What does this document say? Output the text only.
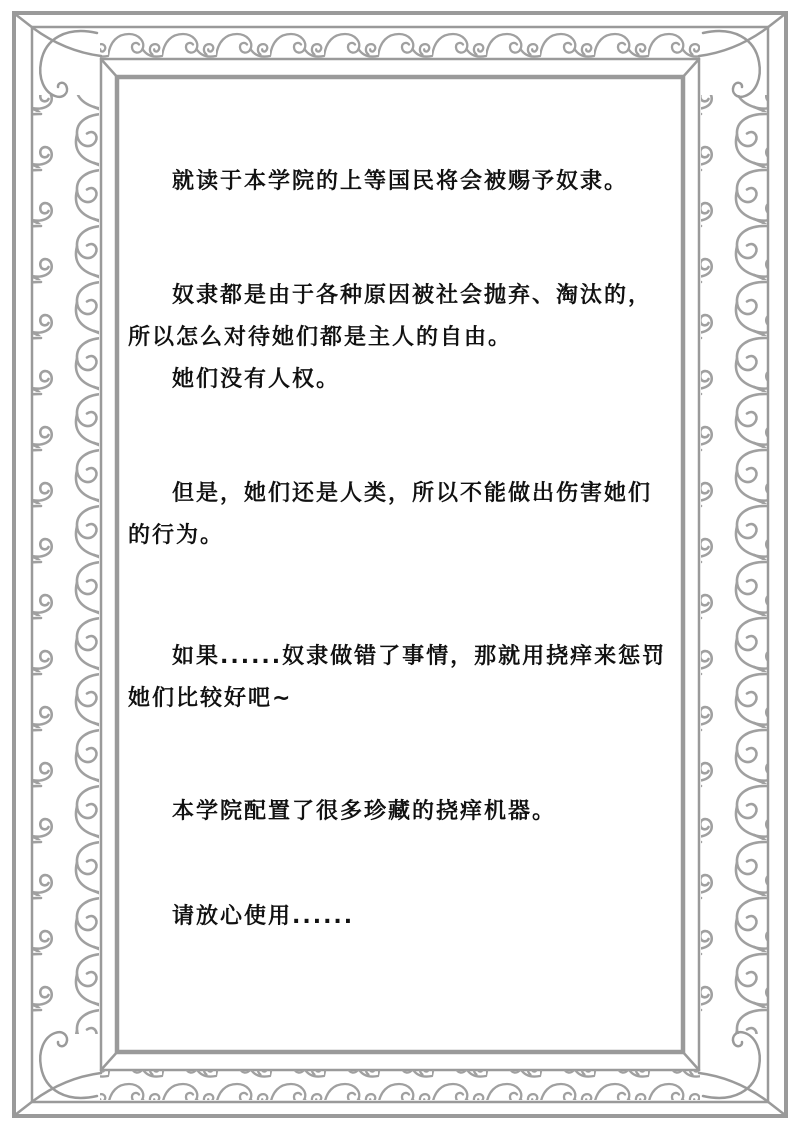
就读于本学院的上等国民将会被赐予奴隶。
奴隶都是由于各种原因被社会抛弃、淘汰的，
所以怎么对待她们都是主人的自由。
她们没有人权。
但是，她们还是人类，所以不能做出伤害她们
的行为。
如果......奴隶做错了事情，那就用挠痒来惩罚
她们比较好吧~
本学院配置了很多珍藏的挠痒机器。
请放心使用......
